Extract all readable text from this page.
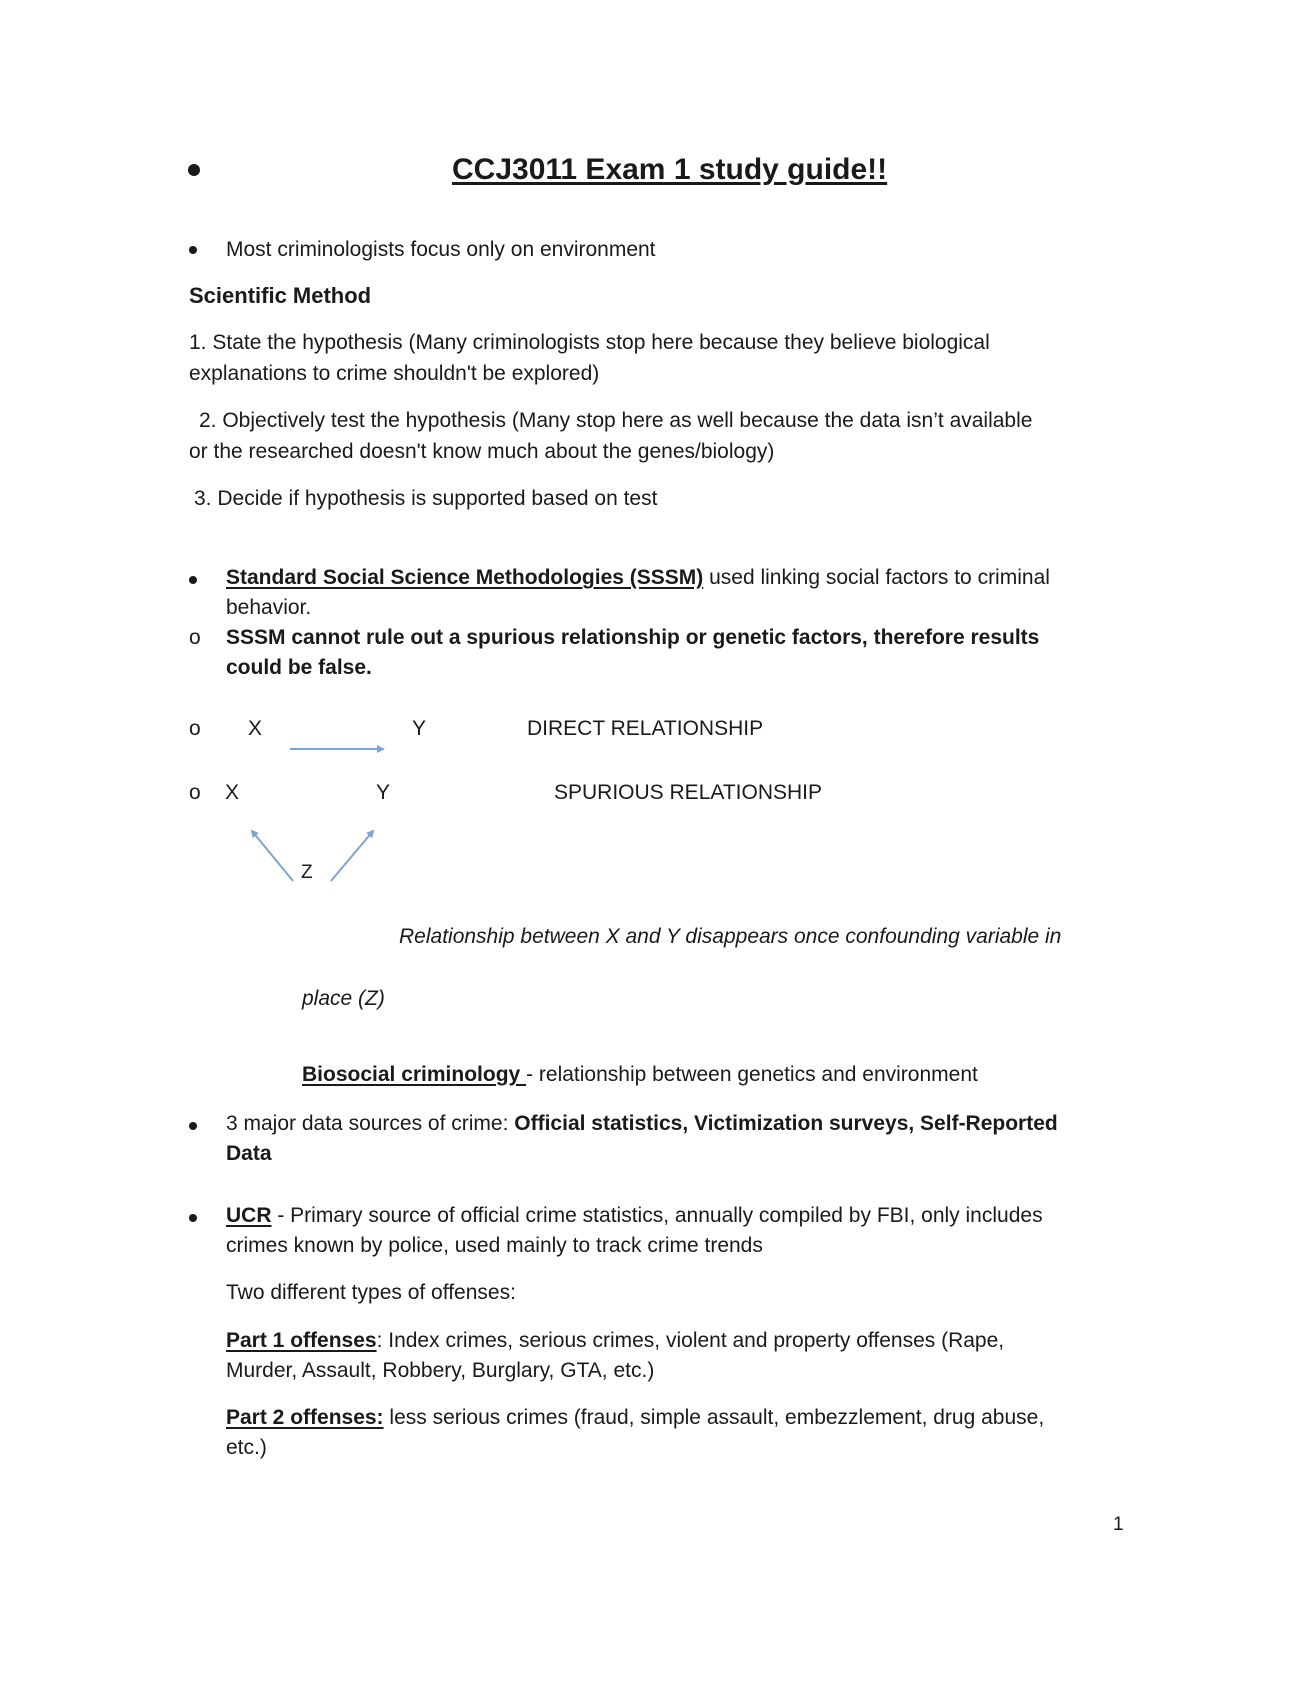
CCJ3011 Exam 1 study guide!!
Most criminologists focus only on environment
Scientific Method
1. State the hypothesis (Many criminologists stop here because they believe biological
explanations to crime shouldn't be explored)
2. Objectively test the hypothesis (Many stop here as well because the data isn’t available
or the researched doesn't know much about the genes/biology)
3. Decide if hypothesis is supported based on test
Standard Social Science Methodologies (SSSM) used linking social factors to criminal
behavior.
o SSSM cannot rule out a spurious relationship or genetic factors, therefore results
could be false.
o X	Y	DIRECT RELATIONSHIP
o X	Y	SPURIOUS RELATIONSHIP
Z
Relationship between X and Y disappears once confounding variable in
place (Z)
Biosocial criminology - relationship between genetics and environment
3 major data sources of crime: Official statistics, Victimization surveys, Self-Reported
Data
UCR - Primary source of official crime statistics, annually compiled by FBI, only includes
crimes known by police, used mainly to track crime trends
Two different types of offenses:
Part 1 offenses: Index crimes, serious crimes, violent and property offenses (Rape,
Murder, Assault, Robbery, Burglary, GTA, etc.)
Part 2 offenses: less serious crimes (fraud, simple assault, embezzlement, drug abuse,
etc.)
1
